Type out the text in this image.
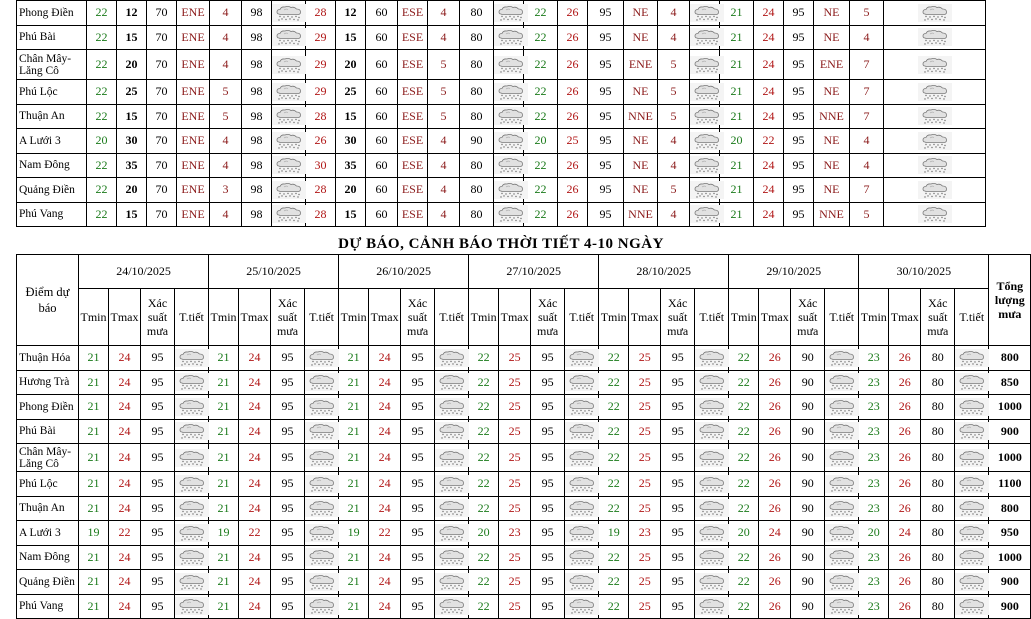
Phong Điền	22	12	70	ENE	4	98		28	12	60	ESE	4	80		22	26	95	NE	4		21	24	95	NE	5	

Phú Bài	22	15	70	ENE	4	98		29	15	60	ESE	4	80		22	26	95	NE	4		21	24	95	NE	4	

Chân Mây-Lăng Cô	22	20	70	ENE	4	98		29	20	60	ESE	5	80		22	26	95	ENE	5		21	24	95	ENE	7	

Phú Lộc	22	25	70	ENE	5	98		29	25	60	ESE	5	80		22	26	95	NE	5		21	24	95	NE	7	

Thuận An	22	15	70	ENE	5	98		28	15	60	ESE	5	80		22	26	95	NNE	5		21	24	95	NNE	7	

A Lưới 3	20	30	70	ENE	4	98		26	30	60	ESE	4	90		20	25	95	NE	4		20	22	95	NE	4	

Nam Đông	22	35	70	ENE	4	98		30	35	60	ESE	4	80		22	26	95	NE	4		21	24	95	NE	4	

Quảng Điền	22	20	70	ENE	3	98		28	20	60	ESE	4	80		22	26	95	NE	5		21	24	95	NE	7	

Phú Vang	22	15	70	ENE	4	98		28	15	60	ESE	4	80		22	26	95	NNE	4		21	24	95	NNE	5	
DỰ BÁO, CẢNH BÁO THỜI TIẾT 4-10 NGÀY
Điểm dự báo	24/10/2025				25/10/2025				26/10/2025				27/10/2025				28/10/2025				29/10/2025				30/10/2025				Tổng lượng mưa
	Tmin	Tmax	Xác suất mưa	T.tiết	Tmin	Tmax	Xác suất mưa	T.tiết	Tmin	Tmax	Xác suất mưa	T.tiết	Tmin	Tmax	Xác suất mưa	T.tiết	Tmin	Tmax	Xác suất mưa	T.tiết	Tmin	Tmax	Xác suất mưa	T.tiết	Tmin	Tmax	Xác suất mưa	T.tiết	
Thuận Hóa	21	24	95		21	24	95		21	24	95		22	25	95		22	25	95		22	26	90		23	26	80		800
Hương Trà	21	24	95		21	24	95		21	24	95		22	25	95		22	25	95		22	26	90		23	26	80		850
Phong Điền	21	24	95		21	24	95		21	24	95		22	25	95		22	25	95		22	26	90		23	26	80		1000
Phú Bài	21	24	95		21	24	95		21	24	95		22	25	95		22	25	95		22	26	90		23	26	80		900
Chân Mây-Lăng Cô	21	24	95		21	24	95		21	24	95		22	25	95		22	25	95		22	26	90		23	26	80		1000
Phú Lộc	21	24	95		21	24	95		21	24	95		22	25	95		22	25	95		22	26	90		23	26	80		1100
Thuận An	21	24	95		21	24	95		21	24	95		22	25	95		22	25	95		22	26	90		23	26	80		800
A Lưới 3	19	22	95		19	22	95		19	22	95		20	23	95		19	23	95		20	24	90		20	24	80		950
Nam Đông	21	24	95		21	24	95		21	24	95		22	25	95		22	25	95		22	26	90		23	26	80		1000
Quảng Điền	21	24	95		21	24	95		21	24	95		22	25	95		22	25	95		22	26	90		23	26	80		900
Phú Vang	21	24	95		21	24	95		21	24	95		22	25	95		22	25	95		22	26	90		23	26	80		900
